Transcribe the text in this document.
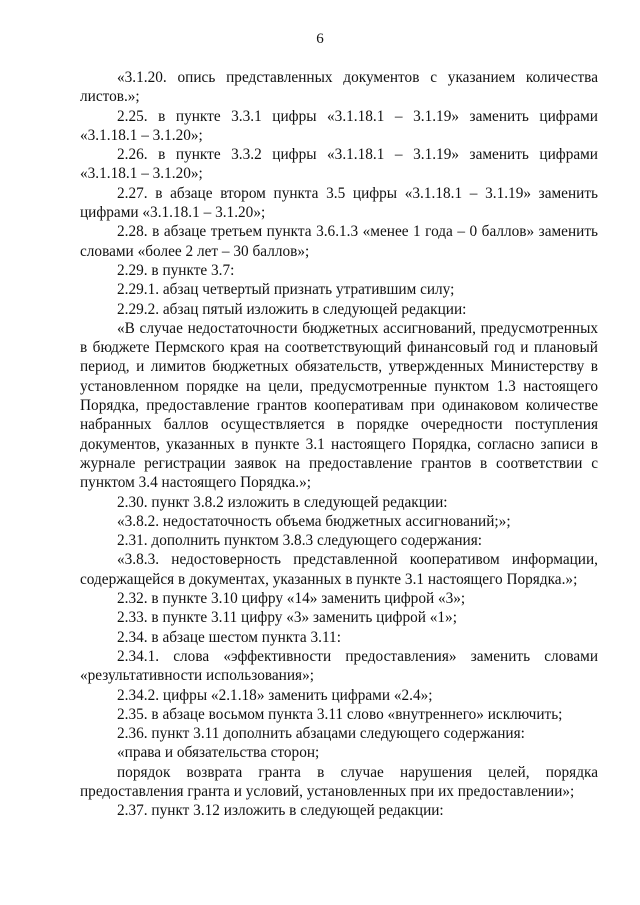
6

«3.1.20. опись представленных документов с указанием количества листов.»;

2.25. в пункте 3.3.1 цифры «3.1.18.1 – 3.1.19» заменить цифрами «3.1.18.1 – 3.1.20»;

2.26. в пункте 3.3.2 цифры «3.1.18.1 – 3.1.19» заменить цифрами «3.1.18.1 – 3.1.20»;

2.27. в абзаце втором пункта 3.5 цифры «3.1.18.1 – 3.1.19» заменить цифрами «3.1.18.1 – 3.1.20»;

2.28. в абзаце третьем пункта 3.6.1.3 «менее 1 года – 0 баллов» заменить словами «более 2 лет – 30 баллов»;

2.29. в пункте 3.7:

2.29.1. абзац четвертый признать утратившим силу;

2.29.2. абзац пятый изложить в следующей редакции:

«В случае недостаточности бюджетных ассигнований, предусмотренных в бюджете Пермского края на соответствующий финансовый год и плановый период, и лимитов бюджетных обязательств, утвержденных Министерству в установленном порядке на цели, предусмотренные пунктом 1.3 настоящего Порядка, предоставление грантов кооперативам при одинаковом количестве набранных баллов осуществляется в порядке очередности поступления документов, указанных в пункте 3.1 настоящего Порядка, согласно записи в журнале регистрации заявок на предоставление грантов в соответствии с пунктом 3.4 настоящего Порядка.»;

2.30. пункт 3.8.2 изложить в следующей редакции:

«3.8.2. недостаточность объема бюджетных ассигнований;»;

2.31. дополнить пунктом 3.8.3 следующего содержания:

«3.8.3. недостоверность представленной кооперативом информации, содержащейся в документах, указанных в пункте 3.1 настоящего Порядка.»;

2.32. в пункте 3.10 цифру «14» заменить цифрой «3»;

2.33. в пункте 3.11 цифру «3» заменить цифрой «1»;

2.34. в абзаце шестом пункта 3.11:

2.34.1. слова «эффективности предоставления» заменить словами «результативности использования»;

2.34.2. цифры «2.1.18» заменить цифрами «2.4»;

2.35. в абзаце восьмом пункта 3.11 слово «внутреннего» исключить;

2.36. пункт 3.11 дополнить абзацами следующего содержания:

«права и обязательства сторон;

порядок возврата гранта в случае нарушения целей, порядка предоставления гранта и условий, установленных при их предоставлении»;

2.37. пункт 3.12 изложить в следующей редакции:
